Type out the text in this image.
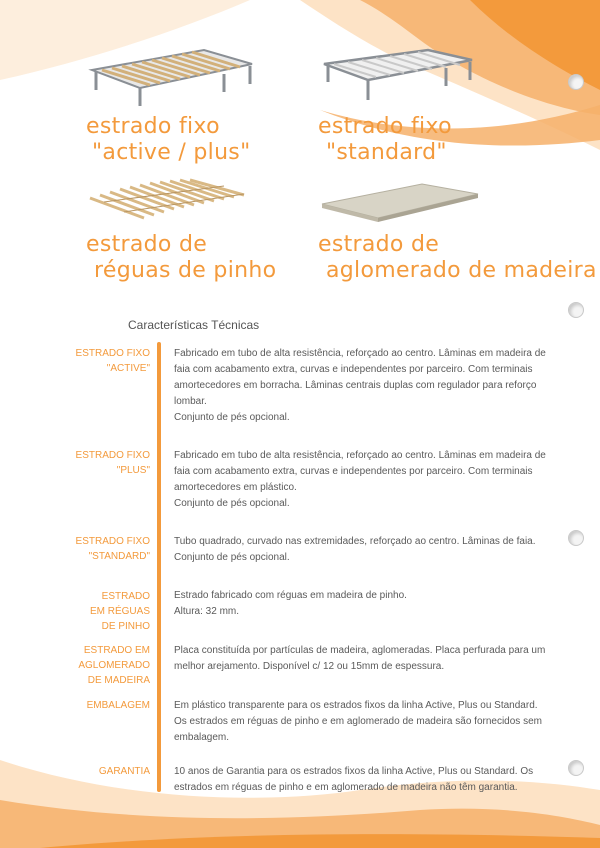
estrado fixo
"active / plus"
estrado fixo
"standard"
estrado de
réguas de pinho
estrado de
aglomerado de madeira
Características Técnicas
ESTRADO FIXO
"ACTIVE"

Fabricado em tubo de alta resistência, reforçado ao centro. Lâminas em madeira de faia com acabamento extra, curvas e independentes por parceiro. Com terminais amortecedores em borracha. Lâminas centrais duplas com regulador para reforço lombar.

Conjunto de pés opcional.

ESTRADO FIXO
"PLUS"

Fabricado em tubo de alta resistência, reforçado ao centro. Lâminas em madeira de faia com acabamento extra, curvas e independentes por parceiro. Com terminais amortecedores em plástico.

Conjunto de pés opcional.

ESTRADO FIXO
"STANDARD"

Tubo quadrado, curvado nas extremidades, reforçado ao centro. Lâminas de faia.

Conjunto de pés opcional.

ESTRADO
EM RÉGUAS
DE PINHO

Estrado fabricado com réguas em madeira de pinho.

Altura: 32 mm.

ESTRADO EM
AGLOMERADO
DE MADEIRA

Placa constituída por partículas de madeira, aglomeradas. Placa perfurada para um melhor arejamento. Disponível c/ 12 ou 15mm de espessura.

EMBALAGEM Em plástico transparente para os estrados fixos da linha Active, Plus ou Standard. Os estrados em réguas de pinho e em aglomerado de madeira são fornecidos sem embalagem.

GARANTIA 10 anos de Garantia para os estrados fixos da linha Active, Plus ou Standard. Os estrados em réguas de pinho e em aglomerado de madeira não têm garantia.
